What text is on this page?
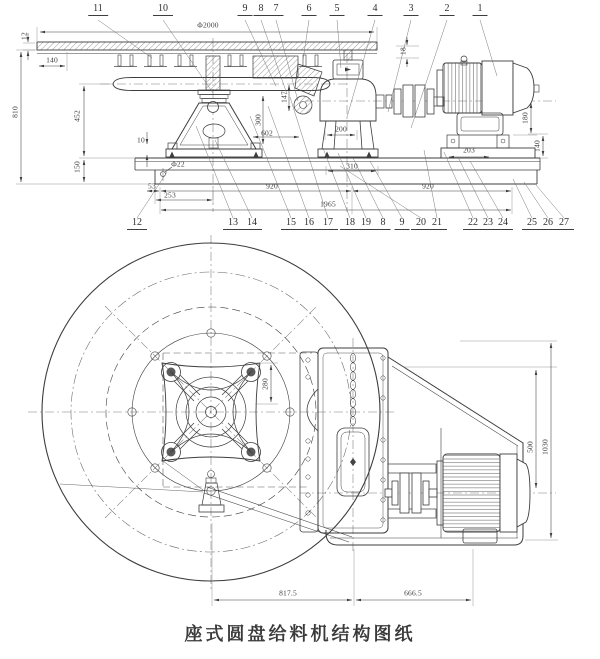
11	10	9	8	7	6	5	4	3	2	1
12	13 14	15 16 17	18 19 8	9	20 21	22 23 24	25 26 27
Φ2000
12
140
810	452
150
10
Φ22
53
253
920	920
1965
602
300
147
200
310
18
203
180
140
280
500 1030
817.5	666.5
座式圆盘给料机结构图纸
